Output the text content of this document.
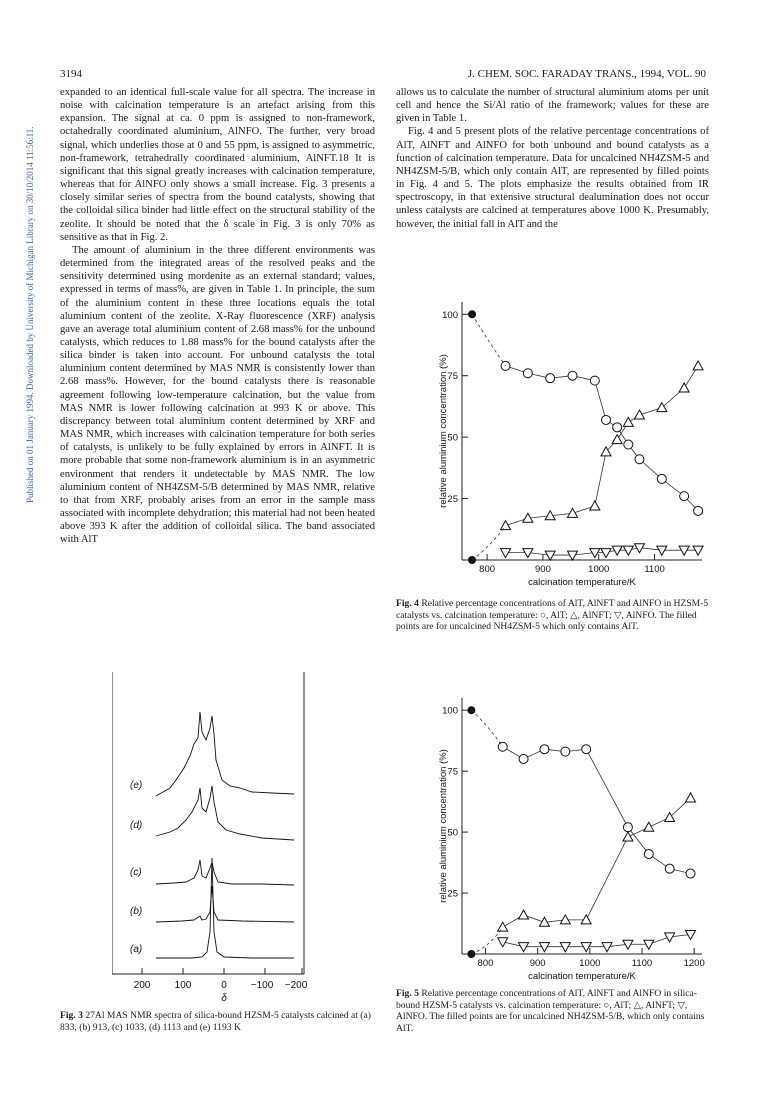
3194	J. CHEM. SOC. FARADAY TRANS., 1994, VOL. 90
Published on 01 January 1994. Downloaded by University of Michigan Library on 30/10/2014 11:56:11.

expanded to an identical full-scale value for all spectra. The increase in noise with calcination temperature is an artefact arising from this expansion. The signal at ca. 0 ppm is assigned to non-framework, octahedrally coordinated aluminium, AlNFO. The further, very broad signal, which underlies those at 0 and 55 ppm, is assigned to asymmetric, non-framework, tetrahedrally coordinated aluminium, AlNFT.18 It is significant that this signal greatly increases with calcination temperature, whereas that for AlNFO only shows a small increase. Fig. 3 presents a closely similar series of spectra from the bound catalysts, showing that the colloidal silica binder had little effect on the structural stability of the zeolite. It should be noted that the δ scale in Fig. 3 is only 70% as sensitive as that in Fig. 2.

The amount of aluminium in the three different environments was determined from the integrated areas of the resolved peaks and the sensitivity determined using mordenite as an external standard; values, expressed in terms of mass%, are given in Table 1. In principle, the sum of the aluminium content in these three locations equals the total aluminium content of the zeolite. X-Ray fluorescence (XRF) analysis gave an average total aluminium content of 2.68 mass% for the unbound catalysts, which reduces to 1.88 mass% for the bound catalysts after the silica binder is taken into account. For unbound catalysts the total aluminium content determined by MAS NMR is consistently lower than 2.68 mass%. However, for the bound catalysts there is reasonable agreement following low-temperature calcination, but the value from MAS NMR is lower following calcination at 993 K or above. This discrepancy between total aluminium content determined by XRF and MAS NMR, which increases with calcination temperature for both series of catalysts, is unlikely to be fully explained by errors in AlNFT. It is more probable that some non-framework aluminium is in an asymmetric environment that renders it undetectable by MAS NMR. The low aluminium content of NH4ZSM-5/B determined by MAS NMR, relative to that from XRF, probably arises from an error in the sample mass associated with incomplete dehydration; this material had not been heated above 393 K after the addition of colloidal silica. The band associated with AlT

allows us to calculate the number of structural aluminium atoms per unit cell and hence the Si/Al ratio of the framework; values for these are given in Table 1.

Fig. 4 and 5 present plots of the relative percentage concentrations of AlT, AlNFT and AlNFO for both unbound and bound catalysts as a function of calcination temperature. Data for uncalcined NH4ZSM-5 and NH4ZSM-5/B, which only contain AlT, are represented by filled points in Fig. 4 and 5. The plots emphasize the results obtained from IR spectroscopy, in that extensive structural dealumination does not occur unless catalysts are calcined at temperatures above 1000 K. Presumably, however, the initial fall in AlT and the

(e)
(d)
(c)
(b)
(a)
200 100	0 −100 −200
δ
Fig. 3 27Al MAS NMR spectra of silica-bound HZSM-5 catalysts calcined at (a) 833, (b) 913, (c) 1033, (d) 1113 and (e) 1193 K
25
50
75
100
800	900	1000	1100
calcination temperature/K
relative aluminium concentration (%)
Fig. 4 Relative percentage concentrations of AlT, AlNFT and AlNFO in HZSM-5 catalysts vs. calcination temperature: ○, AlT; △, AlNFT; ▽, AlNFO. The filled points are for uncalcined NH4ZSM-5 which only contains AlT.
25
50
75
100
800	900	1000	1100	1200
calcination temperature/K
relative aluminium concentration (%)
Fig. 5 Relative percentage concentrations of AlT, AlNFT and AlNFO in silica-bound HZSM-5 catalysts vs. calcination temperature: ○, AlT; △, AlNFT; ▽, AlNFO. The filled points are for uncalcined NH4ZSM-5/B, which only contains AlT.
